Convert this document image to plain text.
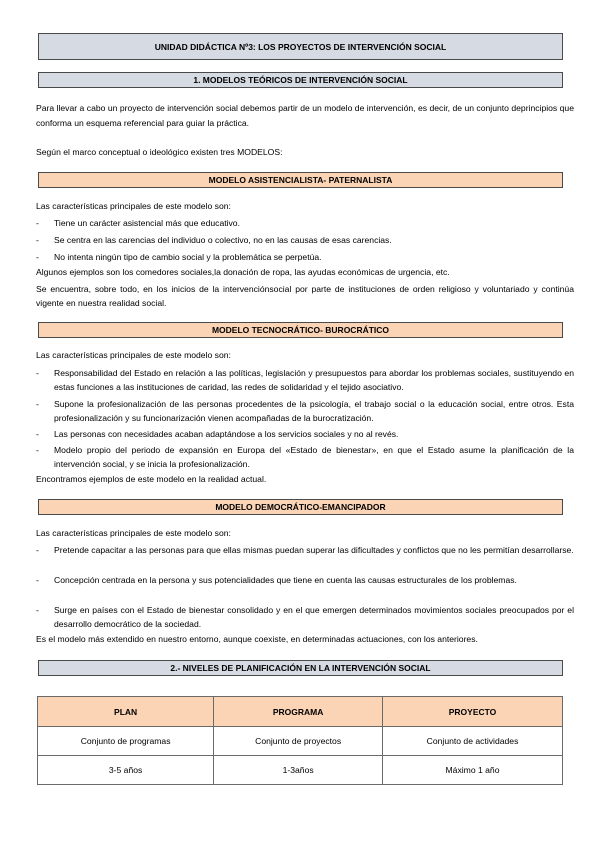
UNIDAD DIDÁCTICA Nº3: LOS PROYECTOS DE INTERVENCIÓN SOCIAL
1. MODELOS TEÓRICOS DE INTERVENCIÓN SOCIAL
Para llevar a cabo un proyecto de intervención social debemos partir de un modelo de intervención, es decir, de un conjunto deprincipios que conforma un esquema referencial para guiar la práctica.
Según el marco conceptual o ideológico existen tres MODELOS:
MODELO ASISTENCIALISTA- PATERNALISTA
Las características principales de este modelo son:
-	Tiene un carácter asistencial más que educativo.
-	Se centra en las carencias del individuo o colectivo, no en las causas de esas carencias.
-	No intenta ningún tipo de cambio social y la problemática se perpetúa.
Algunos ejemplos son los comedores sociales,la donación de ropa, las ayudas económicas de urgencia, etc.
Se encuentra, sobre todo, en los inicios de la intervenciónsocial por parte de instituciones de orden religioso y voluntariado y continúa vigente en nuestra realidad social.
MODELO TECNOCRÁTICO- BUROCRÁTICO
Las características principales de este modelo son:
-	Responsabilidad del Estado en relación a las políticas, legislación y presupuestos para abordar los problemas sociales, sustituyendo en estas funciones a las instituciones de caridad, las redes de solidaridad y el tejido asociativo.
-	Supone la profesionalización de las personas procedentes de la psicología, el trabajo social o la educación social, entre otros. Esta profesionalización y su funcionarización vienen acompañadas de la burocratización.
-	Las personas con necesidades acaban adaptándose a los servicios sociales y no al revés.
-	Modelo propio del periodo de expansión en Europa del «Estado de bienestar», en que el Estado asume la planificación de la intervención social, y se inicia la profesionalización.
Encontramos ejemplos de este modelo en la realidad actual.
MODELO DEMOCRÁTICO-EMANCIPADOR
Las características principales de este modelo son:
-	Pretende capacitar a las personas para que ellas mismas puedan superar las dificultades y conflictos que no les permitían desarrollarse.
-	Concepción centrada en la persona y sus potencialidades que tiene en cuenta las causas estructurales de los problemas.
-	Surge en países con el Estado de bienestar consolidado y en el que emergen determinados movimientos sociales preocupados por el desarrollo democrático de la sociedad.
Es el modelo más extendido en nuestro entorno, aunque coexiste, en determinadas actuaciones, con los anteriores.
2.- NIVELES DE PLANIFICACIÓN EN LA INTERVENCIÓN SOCIAL
PLAN	PROGRAMA	PROYECTO
Conjunto de programas	Conjunto de proyectos	Conjunto de actividades
3-5 años	1-3años	Máximo 1 año
